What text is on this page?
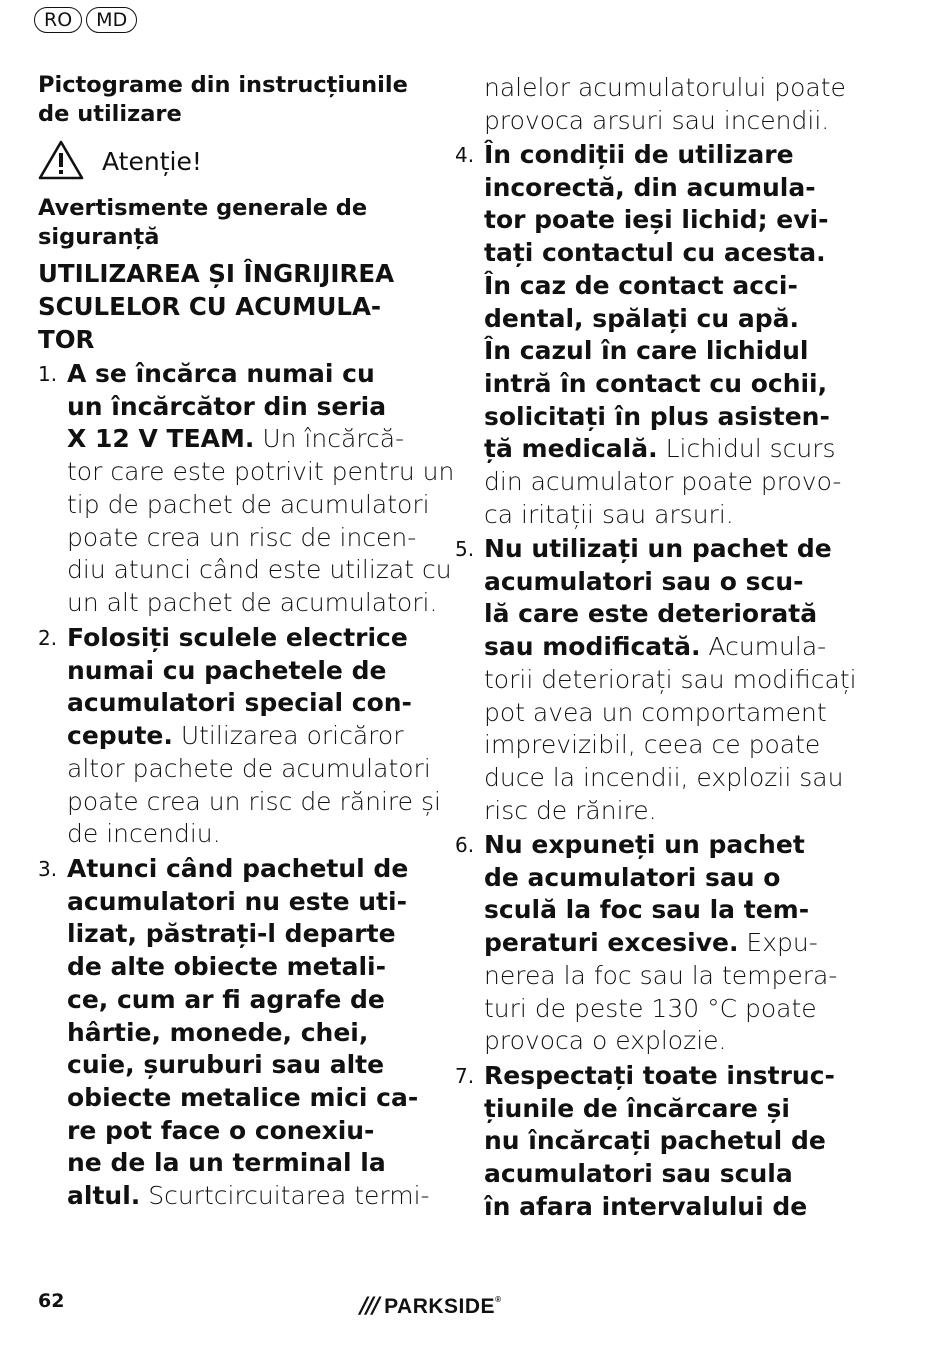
RO	MD
Pictograme din instrucțiunile
de utilizare
Atenție!
Avertismente generale de
siguranță
UTILIZAREA ȘI ÎNGRIJIREA
SCULELOR CU ACUMULA-
TOR
1. A se încărca numai cu
un încărcător din seria
X 12 V TEAM. Un încărcă-
tor care este potrivit pentru un
tip de pachet de acumulatori
poate crea un risc de incen-
diu atunci când este utilizat cu
un alt pachet de acumulatori.
2. Folosiți sculele electrice
numai cu pachetele de
acumulatori special con-
cepute. Utilizarea oricăror
altor pachete de acumulatori
poate crea un risc de rănire și
de incendiu.
3. Atunci când pachetul de
acumulatori nu este uti-
lizat, păstrați-l departe
de alte obiecte metali-
ce, cum ar fi agrafe de
hârtie, monede, chei,
cuie, șuruburi sau alte
obiecte metalice mici ca-
re pot face o conexiu-
ne de la un terminal la
altul. Scurtcircuitarea termi-
nalelor acumulatorului poate
provoca arsuri sau incendii.
4. În condiții de utilizare
incorectă, din acumula-
tor poate ieși lichid; evi-
tați contactul cu acesta.
În caz de contact acci-
dental, spălați cu apă.
În cazul în care lichidul
intră în contact cu ochii,
solicitați în plus asisten-
ță medicală. Lichidul scurs
din acumulator poate provo-
ca iritații sau arsuri.
5. Nu utilizați un pachet de
acumulatori sau o scu-
lă care este deteriorată
sau modificată. Acumula-
torii deteriorați sau modificați
pot avea un comportament
imprevizibil, ceea ce poate
duce la incendii, explozii sau
risc de rănire.
6. Nu expuneți un pachet
de acumulatori sau o
sculă la foc sau la tem-
peraturi excesive. Expu-
nerea la foc sau la tempera-
turi de peste 130 °C poate
provoca o explozie.
7. Respectați toate instruc-
țiunile de încărcare și
nu încărcați pachetul de
acumulatori sau scula
în afara intervalului de
62	/// PARKSIDE®
